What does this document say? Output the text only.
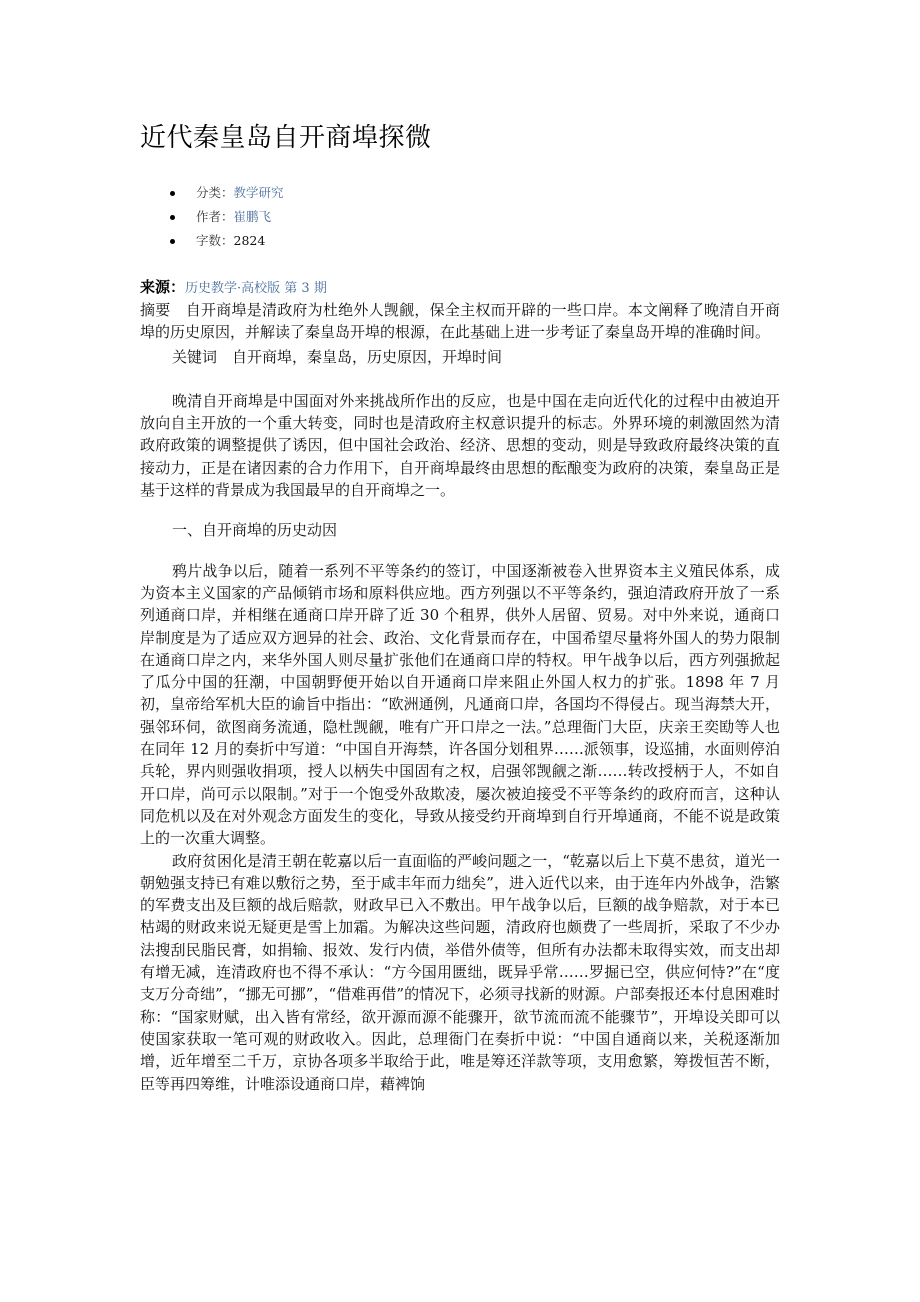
近代秦皇岛自开商埠探微
分类：教学研究
作者：崔鹏飞
字数：2824
来源：历史教学·高校版 第 3 期

摘要　自开商埠是清政府为杜绝外人觊觎，保全主权而开辟的一些口岸。本文阐释了晚清自开商埠的历史原因，并解读了秦皇岛开埠的根源，在此基础上进一步考证了秦皇岛开埠的准确时间。

关键词　自开商埠，秦皇岛，历史原因，开埠时间

晚清自开商埠是中国面对外来挑战所作出的反应，也是中国在走向近代化的过程中由被迫开放向自主开放的一个重大转变，同时也是清政府主权意识提升的标志。外界环境的刺激固然为清政府政策的调整提供了诱因，但中国社会政治、经济、思想的变动，则是导致政府最终决策的直接动力，正是在诸因素的合力作用下，自开商埠最终由思想的酝酿变为政府的决策，秦皇岛正是基于这样的背景成为我国最早的自开商埠之一。

一、自开商埠的历史动因

鸦片战争以后，随着一系列不平等条约的签订，中国逐渐被卷入世界资本主义殖民体系，成为资本主义国家的产品倾销市场和原料供应地。西方列强以不平等条约，强迫清政府开放了一系列通商口岸，并相继在通商口岸开辟了近 30 个租界，供外人居留、贸易。对中外来说，通商口岸制度是为了适应双方迥异的社会、政治、文化背景而存在，中国希望尽量将外国人的势力限制在通商口岸之内，来华外国人则尽量扩张他们在通商口岸的特权。甲午战争以后，西方列强掀起了瓜分中国的狂潮，中国朝野便开始以自开通商口岸来阻止外国人权力的扩张。1898 年 7 月初，皇帝给军机大臣的谕旨中指出：“欧洲通例，凡通商口岸，各国均不得侵占。现当海禁大开，强邻环伺，欲图商务流通，隐杜觊觎，唯有广开口岸之一法。”总理衙门大臣，庆亲王奕劻等人也在同年 12 月的奏折中写道：“中国自开海禁，许各国分划租界……派领事，设巡捕，水面则停泊兵轮，界内则强收捐项，授人以柄失中国固有之权，启强邻觊觎之渐……转改授柄于人，不如自开口岸，尚可示以限制。”对于一个饱受外敌欺凌，屡次被迫接受不平等条约的政府而言，这种认同危机以及在对外观念方面发生的变化，导致从接受约开商埠到自行开埠通商，不能不说是政策上的一次重大调整。

政府贫困化是清王朝在乾嘉以后一直面临的严峻问题之一，“乾嘉以后上下莫不患贫，道光一朝勉强支持已有难以敷衍之势，至于咸丰年而力绌矣”，进入近代以来，由于连年内外战争，浩繁的军费支出及巨额的战后赔款，财政早已入不敷出。甲午战争以后，巨额的战争赔款，对于本已枯竭的财政来说无疑更是雪上加霜。为解决这些问题，清政府也颇费了一些周折，采取了不少办法搜刮民脂民膏，如捐输、报效、发行内债，举借外债等，但所有办法都未取得实效，而支出却有增无减，连清政府也不得不承认：“方今国用匮绌，既异乎常……罗掘已空，供应何恃?”在“度支万分奇绌”，“挪无可挪”，“借难再借”的情况下，必须寻找新的财源。户部奏报还本付息困难时称：“国家财赋，出入皆有常经，欲开源而源不能骤开，欲节流而流不能骤节”，开埠设关即可以使国家获取一笔可观的财政收入。因此，总理衙门在奏折中说：“中国自通商以来，关税逐渐加增，近年增至二千万，京协各项多半取给于此，唯是筹还洋款等项，支用愈繁，筹拨恒苦不断，臣等再四筹维，计唯添设通商口岸，藉裨饷
